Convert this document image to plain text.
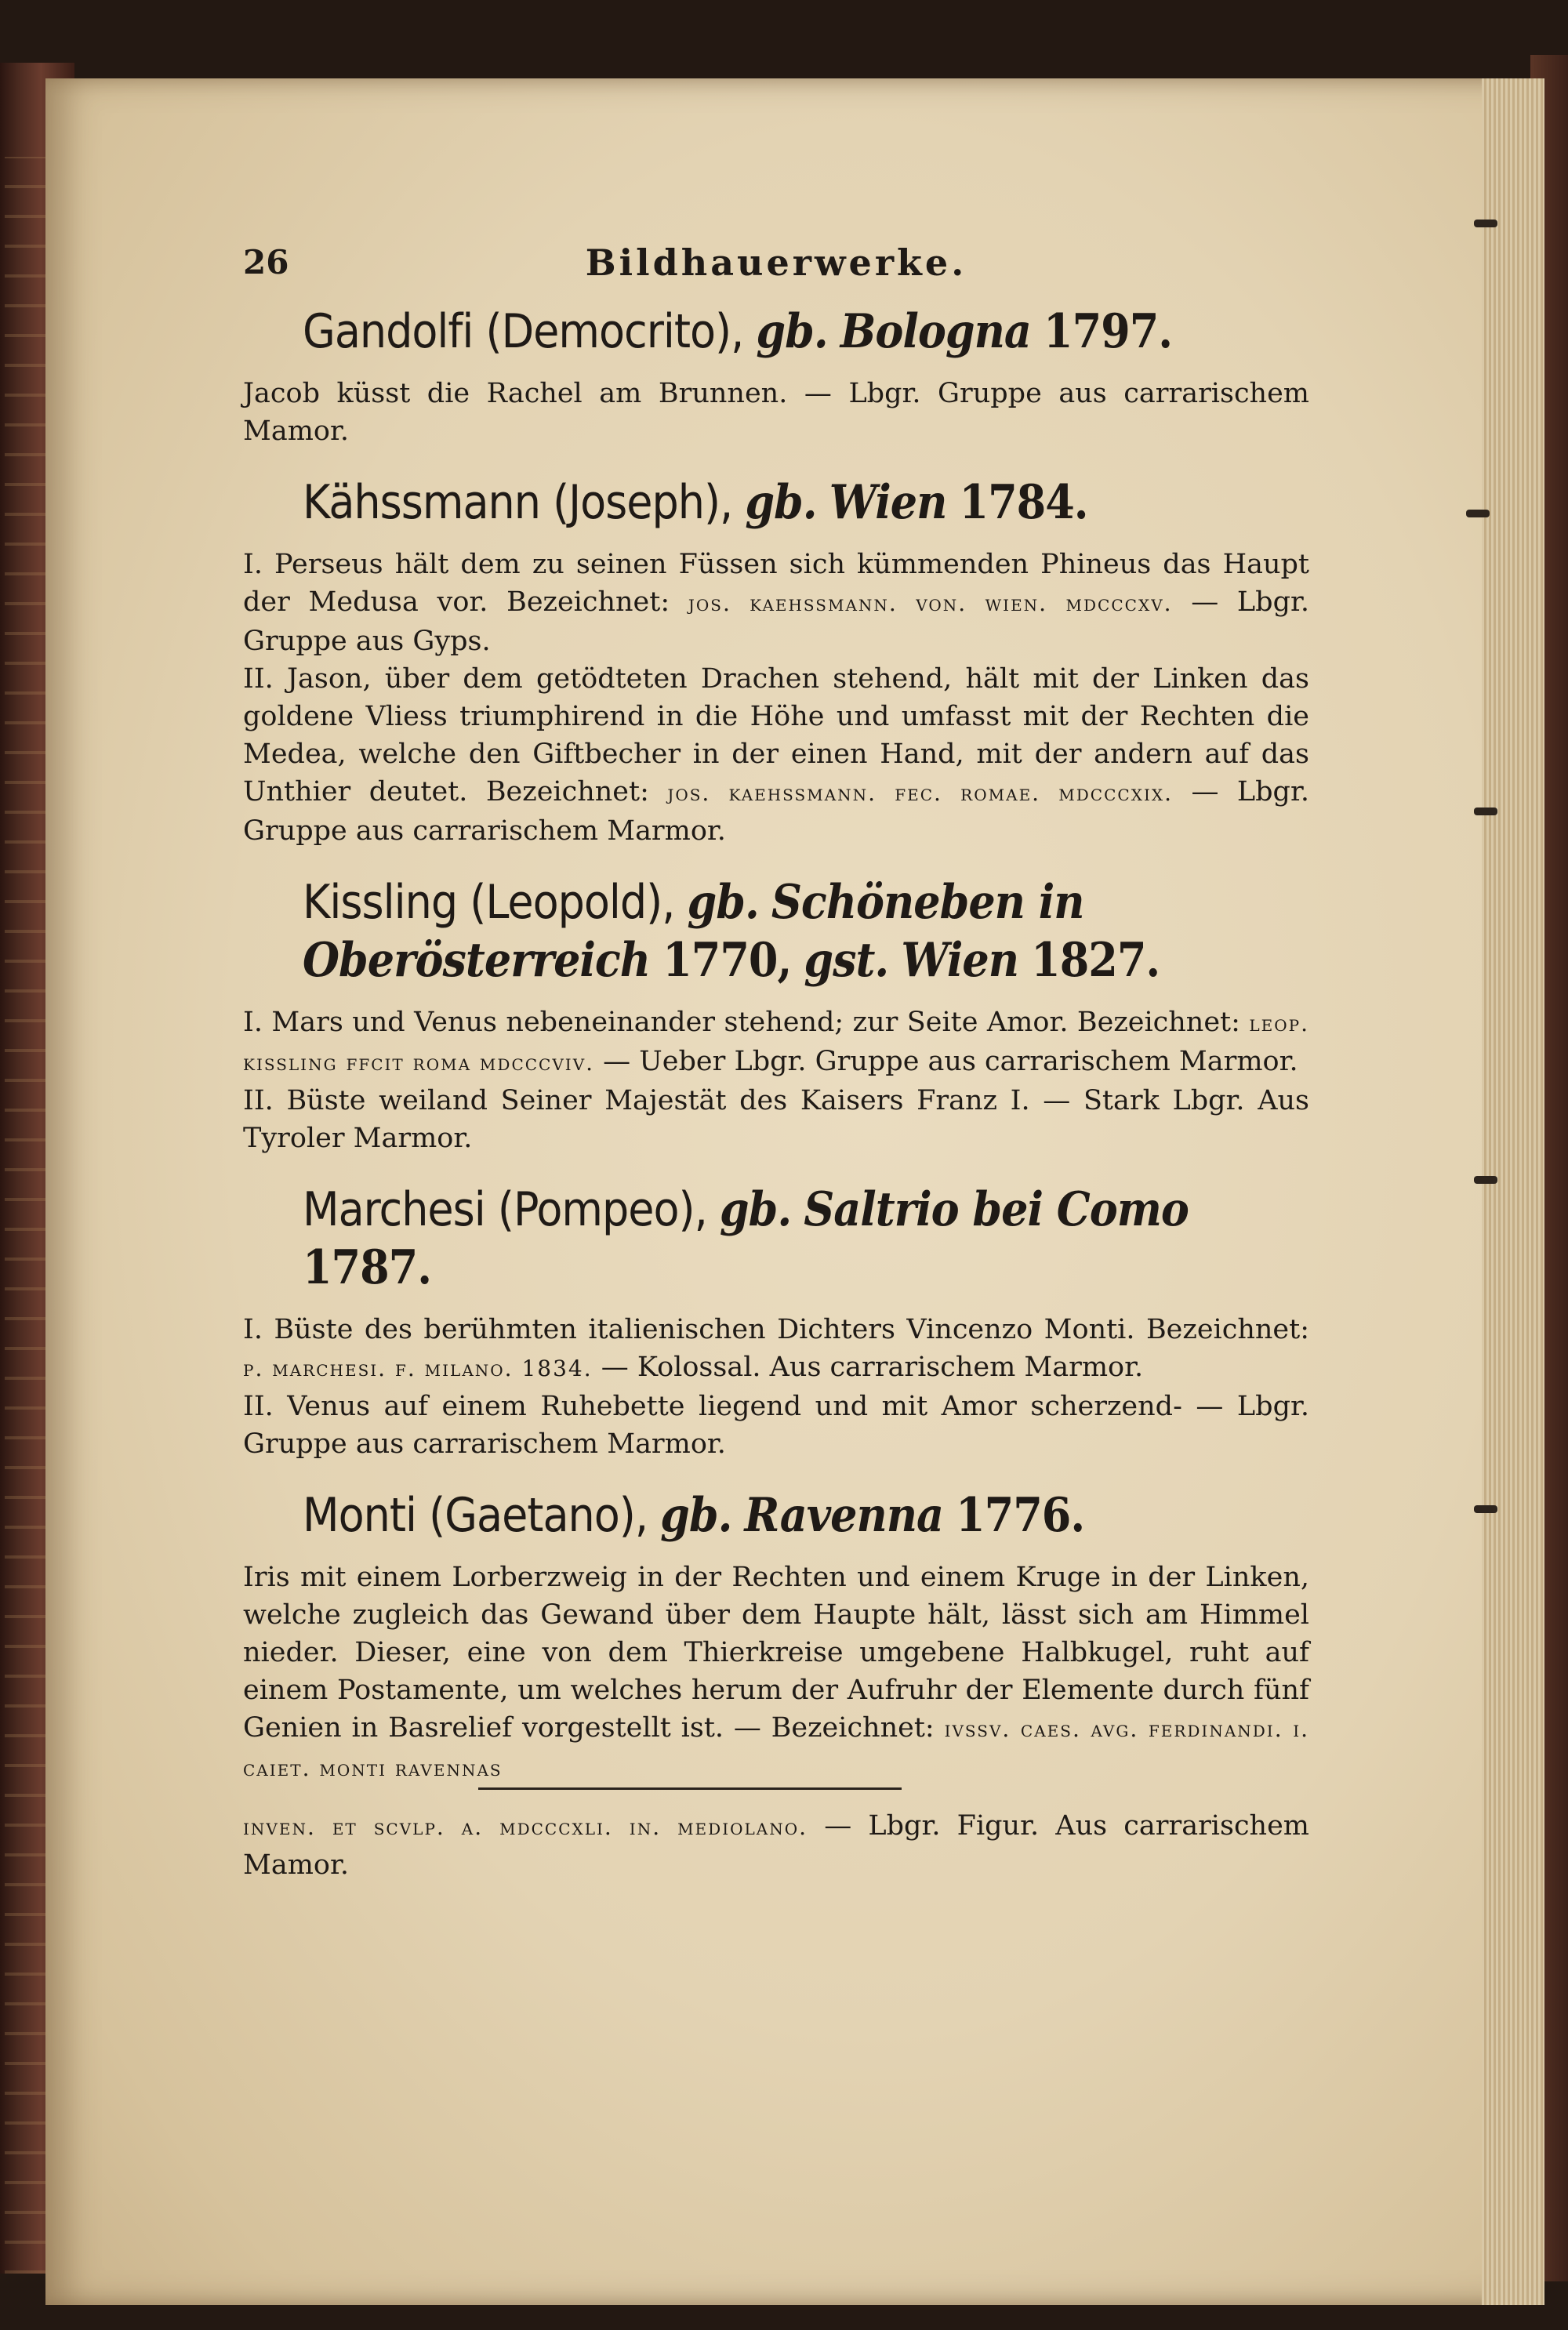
26	Bildhauerwerke.
Gandolfi (Democrito), gb. Bologna 1797.

Jacob küsst die Rachel am Brunnen. — Lbgr. Gruppe aus carrarischem Mamor.

Kähssmann (Joseph), gb. Wien 1784.

I. Perseus hält dem zu seinen Füssen sich kümmenden Phineus das Haupt der Medusa vor. Bezeichnet: jos. kaehssmann. von. wien. mdcccxv. — Lbgr. Gruppe aus Gyps.

II. Jason, über dem getödteten Drachen stehend, hält mit der Linken das goldene Vliess triumphirend in die Höhe und umfasst mit der Rechten die Medea, welche den Giftbecher in der einen Hand, mit der andern auf das Unthier deutet. Bezeichnet: jos. kaehssmann. fec. romae. mdcccxix. — Lbgr. Gruppe aus carrarischem Marmor.

Kissling (Leopold), gb. Schöneben in Oberösterreich 1770, gst. Wien 1827.

I. Mars und Venus nebeneinander stehend; zur Seite Amor. Bezeichnet: leop. kissling ffcit roma mdcccviv. — Ueber Lbgr. Gruppe aus carrarischem Marmor.

II. Büste weiland Seiner Majestät des Kaisers Franz I. — Stark Lbgr. Aus Tyroler Marmor.

Marchesi (Pompeo), gb. Saltrio bei Como 1787.

I. Büste des berühmten italienischen Dichters Vincenzo Monti. Bezeichnet: p. marchesi. f. milano. 1834. — Kolossal. Aus carrarischem Marmor.

II. Venus auf einem Ruhebette liegend und mit Amor scherzend- — Lbgr. Gruppe aus carrarischem Marmor.

Monti (Gaetano), gb. Ravenna 1776.

Iris mit einem Lorberzweig in der Rechten und einem Kruge in der Linken, welche zugleich das Gewand über dem Haupte hält, lässt sich am Himmel nieder. Dieser, eine von dem Thierkreise umgebene Halbkugel, ruht auf einem Postamente, um welches herum der Aufruhr der Elemente durch fünf Genien in Basrelief vorgestellt ist. — Bezeichnet: ivssv. caes. avg. ferdinandi. i. caiet. monti ravennas

inven. et scvlp. a. mdcccxli. in. mediolano. — Lbgr. Figur. Aus carrarischem Mamor.
